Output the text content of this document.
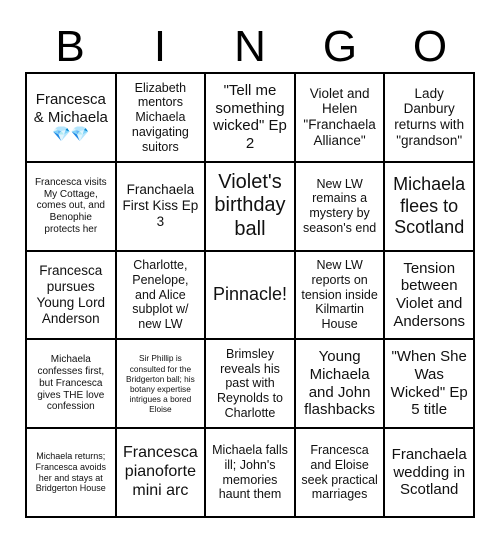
B	I	N	G	O
Francesca & Michaela 💎💎
Elizabeth mentors Michaela navigating suitors
"Tell me something wicked" Ep 2
Violet and Helen "Franchaela Alliance"
Lady Danbury returns with "grandson"
Francesca visits My Cottage, comes out, and Benophie protects her
Franchaela First Kiss Ep 3
Violet's birthday ball
New LW remains a mystery by season's end
Michaela flees to Scotland
Francesca pursues Young Lord Anderson
Charlotte, Penelope, and Alice subplot w/ new LW
Pinnacle!
New LW reports on tension inside Kilmartin House
Tension between Violet and Andersons
Michaela confesses first, but Francesca gives THE love confession
Sir Phillip is consulted for the Bridgerton ball; his botany expertise intrigues a bored Eloise
Brimsley reveals his past with Reynolds to Charlotte
Young Michaela and John flashbacks
"When She Was Wicked" Ep 5 title
Michaela returns; Francesca avoids her and stays at Bridgerton House
Francesca pianoforte mini arc
Michaela falls ill; John's memories haunt them
Francesca and Eloise seek practical marriages
Franchaela wedding in Scotland
